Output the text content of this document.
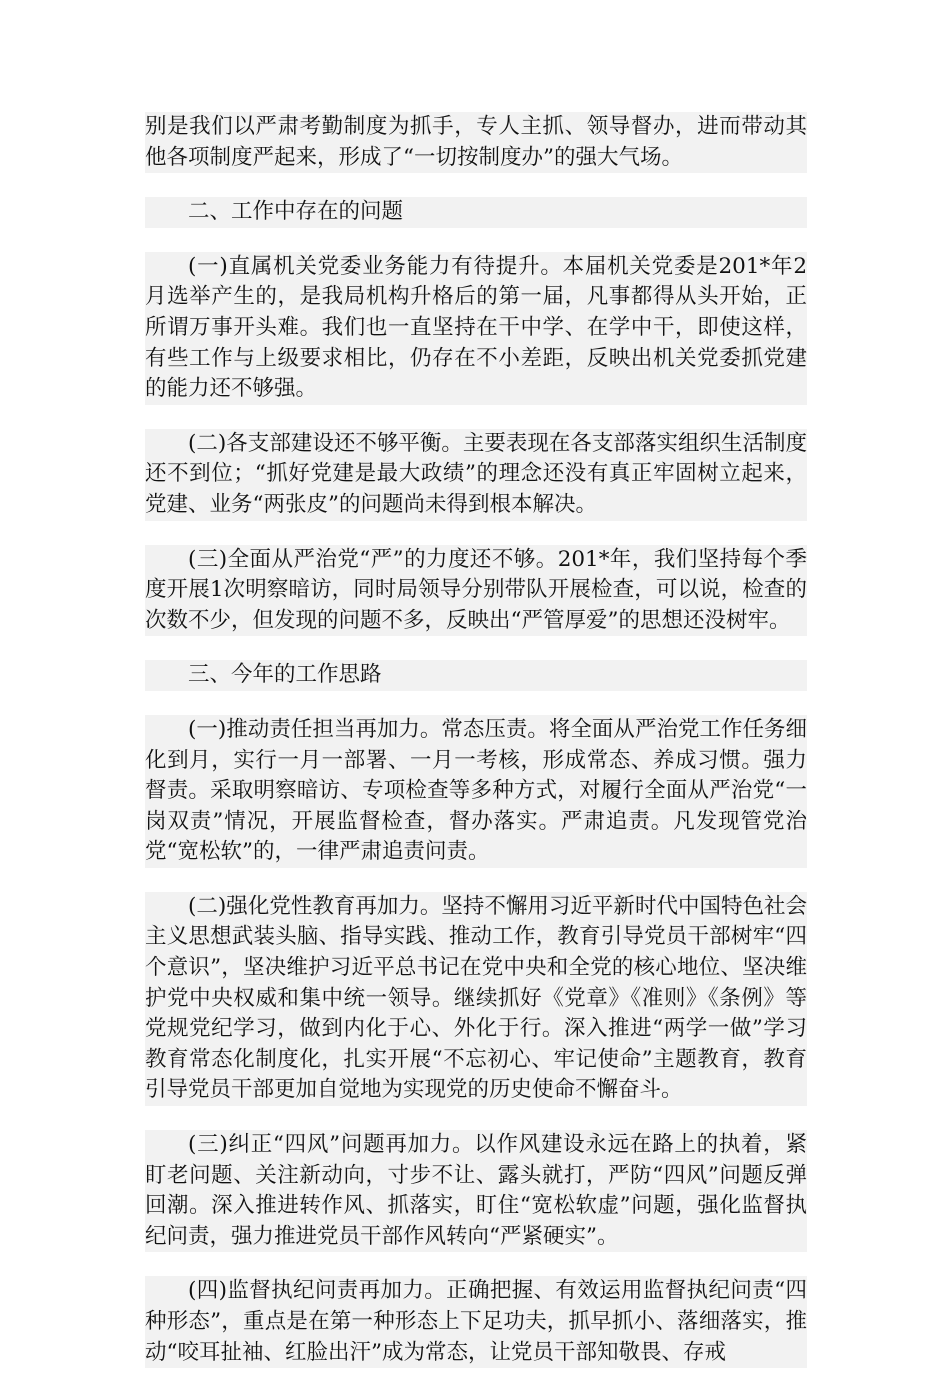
别是我们以严肃考勤制度为抓手，专人主抓、领导督办，进而带动其他各项制度严起来，形成了“一切按制度办”的强大气场。

二、工作中存在的问题

(一)直属机关党委业务能力有待提升。本届机关党委是201*年2月选举产生的，是我局机构升格后的第一届，凡事都得从头开始，正所谓万事开头难。我们也一直坚持在干中学、在学中干，即使这样，有些工作与上级要求相比，仍存在不小差距，反映出机关党委抓党建的能力还不够强。

(二)各支部建设还不够平衡。主要表现在各支部落实组织生活制度还不到位；“抓好党建是最大政绩”的理念还没有真正牢固树立起来，党建、业务“两张皮”的问题尚未得到根本解决。

(三)全面从严治党“严”的力度还不够。201*年，我们坚持每个季度开展1次明察暗访，同时局领导分别带队开展检查，可以说，检查的次数不少，但发现的问题不多，反映出“严管厚爱”的思想还没树牢。

三、今年的工作思路

(一)推动责任担当再加力。常态压责。将全面从严治党工作任务细化到月，实行一月一部署、一月一考核，形成常态、养成习惯。强力督责。采取明察暗访、专项检查等多种方式，对履行全面从严治党“一岗双责”情况，开展监督检查，督办落实。严肃追责。凡发现管党治党“宽松软”的，一律严肃追责问责。

(二)强化党性教育再加力。坚持不懈用习近平新时代中国特色社会主义思想武装头脑、指导实践、推动工作，教育引导党员干部树牢“四个意识”，坚决维护习近平总书记在党中央和全党的核心地位、坚决维护党中央权威和集中统一领导。继续抓好《党章》《准则》《条例》等党规党纪学习，做到内化于心、外化于行。深入推进“两学一做”学习教育常态化制度化，扎实开展“不忘初心、牢记使命”主题教育，教育引导党员干部更加自觉地为实现党的历史使命不懈奋斗。

(三)纠正“四风”问题再加力。以作风建设永远在路上的执着，紧盯老问题、关注新动向，寸步不让、露头就打，严防“四风”问题反弹回潮。深入推进转作风、抓落实，盯住“宽松软虚”问题，强化监督执纪问责，强力推进党员干部作风转向“严紧硬实”。

(四)监督执纪问责再加力。正确把握、有效运用监督执纪问责“四种形态”，重点是在第一种形态上下足功夫，抓早抓小、落细落实，推动“咬耳扯袖、红脸出汗”成为常态，让党员干部知敬畏、存戒
